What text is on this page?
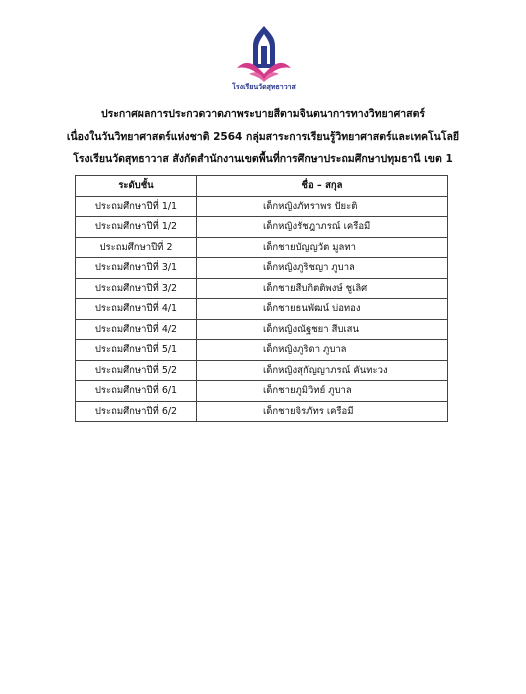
โรงเรียนวัดสุทธาวาส
ประกาศผลการประกวดวาดภาพระบายสีตามจินตนาการทางวิทยาศาสตร์
เนื่องในวันวิทยาศาสตร์แห่งชาติ 2564 กลุ่มสาระการเรียนรู้วิทยาศาสตร์และเทคโนโลยี
โรงเรียนวัดสุทธาวาส สังกัดสำนักงานเขตพื้นที่การศึกษาประถมศึกษาปทุมธานี เขต 1
ระดับชั้น	ชื่อ – สกุล
ประถมศึกษาปีที่ 1/1	เด็กหญิงภัทราพร ปัยะติ
ประถมศึกษาปีที่ 1/2	เด็กหญิงรัชฎาภรณ์ เครือมี
ประถมศึกษาปีที่ 2	เด็กชายบัญญวัต มูลทา
ประถมศึกษาปีที่ 3/1	เด็กหญิงภูริชญา ภูบาล
ประถมศึกษาปีที่ 3/2	เด็กชายสืบกิตติพงษ์ ชูเลิศ
ประถมศึกษาปีที่ 4/1	เด็กชายธนพัฒน์ บ่อทอง
ประถมศึกษาปีที่ 4/2	เด็กหญิงณัฐชยา สีบเสน
ประถมศึกษาปีที่ 5/1	เด็กหญิงภูริดา ภูบาล
ประถมศึกษาปีที่ 5/2	เด็กหญิงสุกัญญาภรณ์ คันทะวง
ประถมศึกษาปีที่ 6/1	เด็กชายภูมิวิทย์ ภูบาล
ประถมศึกษาปีที่ 6/2	เด็กชายจิรภัทร เครือมี
